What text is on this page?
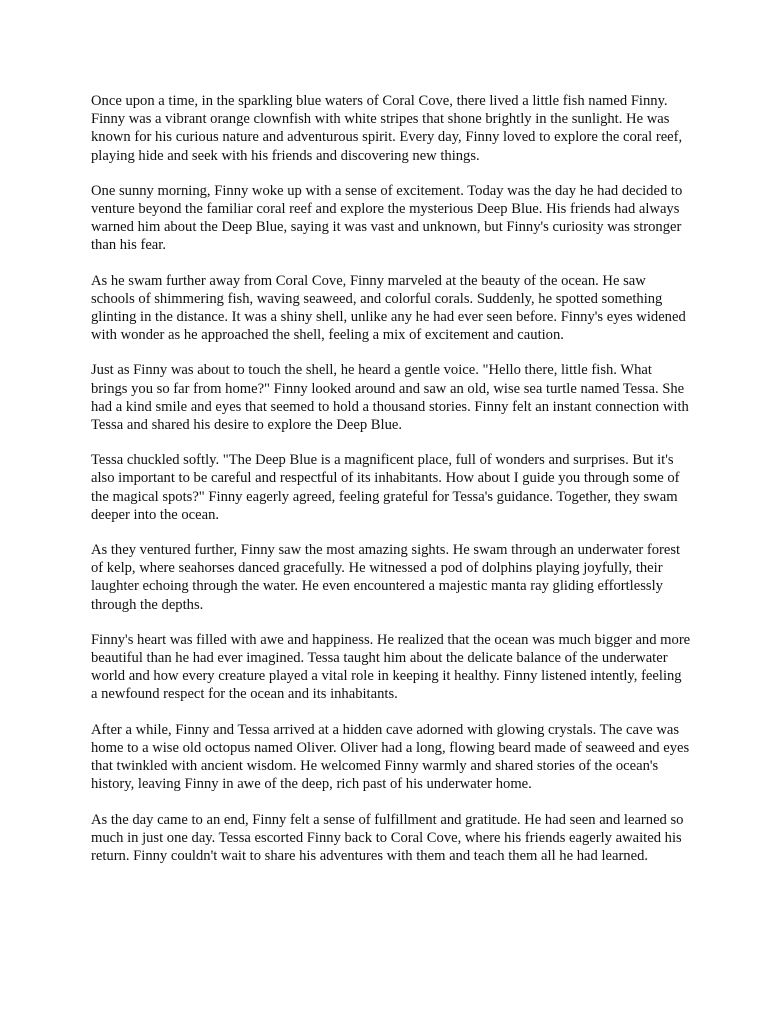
Once upon a time, in the sparkling blue waters of Coral Cove, there lived a little fish named Finny. Finny was a vibrant orange clownfish with white stripes that shone brightly in the sunlight. He was known for his curious nature and adventurous spirit. Every day, Finny loved to explore the coral reef, playing hide and seek with his friends and discovering new things.

One sunny morning, Finny woke up with a sense of excitement. Today was the day he had decided to venture beyond the familiar coral reef and explore the mysterious Deep Blue. His friends had always warned him about the Deep Blue, saying it was vast and unknown, but Finny's curiosity was stronger than his fear.

As he swam further away from Coral Cove, Finny marveled at the beauty of the ocean. He saw schools of shimmering fish, waving seaweed, and colorful corals. Suddenly, he spotted something glinting in the distance. It was a shiny shell, unlike any he had ever seen before. Finny's eyes widened with wonder as he approached the shell, feeling a mix of excitement and caution.

Just as Finny was about to touch the shell, he heard a gentle voice. "Hello there, little fish. What brings you so far from home?" Finny looked around and saw an old, wise sea turtle named Tessa. She had a kind smile and eyes that seemed to hold a thousand stories. Finny felt an instant connection with Tessa and shared his desire to explore the Deep Blue.

Tessa chuckled softly. "The Deep Blue is a magnificent place, full of wonders and surprises. But it's also important to be careful and respectful of its inhabitants. How about I guide you through some of the magical spots?" Finny eagerly agreed, feeling grateful for Tessa's guidance. Together, they swam deeper into the ocean.

As they ventured further, Finny saw the most amazing sights. He swam through an underwater forest of kelp, where seahorses danced gracefully. He witnessed a pod of dolphins playing joyfully, their laughter echoing through the water. He even encountered a majestic manta ray gliding effortlessly through the depths.

Finny's heart was filled with awe and happiness. He realized that the ocean was much bigger and more beautiful than he had ever imagined. Tessa taught him about the delicate balance of the underwater world and how every creature played a vital role in keeping it healthy. Finny listened intently, feeling a newfound respect for the ocean and its inhabitants.

After a while, Finny and Tessa arrived at a hidden cave adorned with glowing crystals. The cave was home to a wise old octopus named Oliver. Oliver had a long, flowing beard made of seaweed and eyes that twinkled with ancient wisdom. He welcomed Finny warmly and shared stories of the ocean's history, leaving Finny in awe of the deep, rich past of his underwater home.

As the day came to an end, Finny felt a sense of fulfillment and gratitude. He had seen and learned so much in just one day. Tessa escorted Finny back to Coral Cove, where his friends eagerly awaited his return. Finny couldn't wait to share his adventures with them and teach them all he had learned.
